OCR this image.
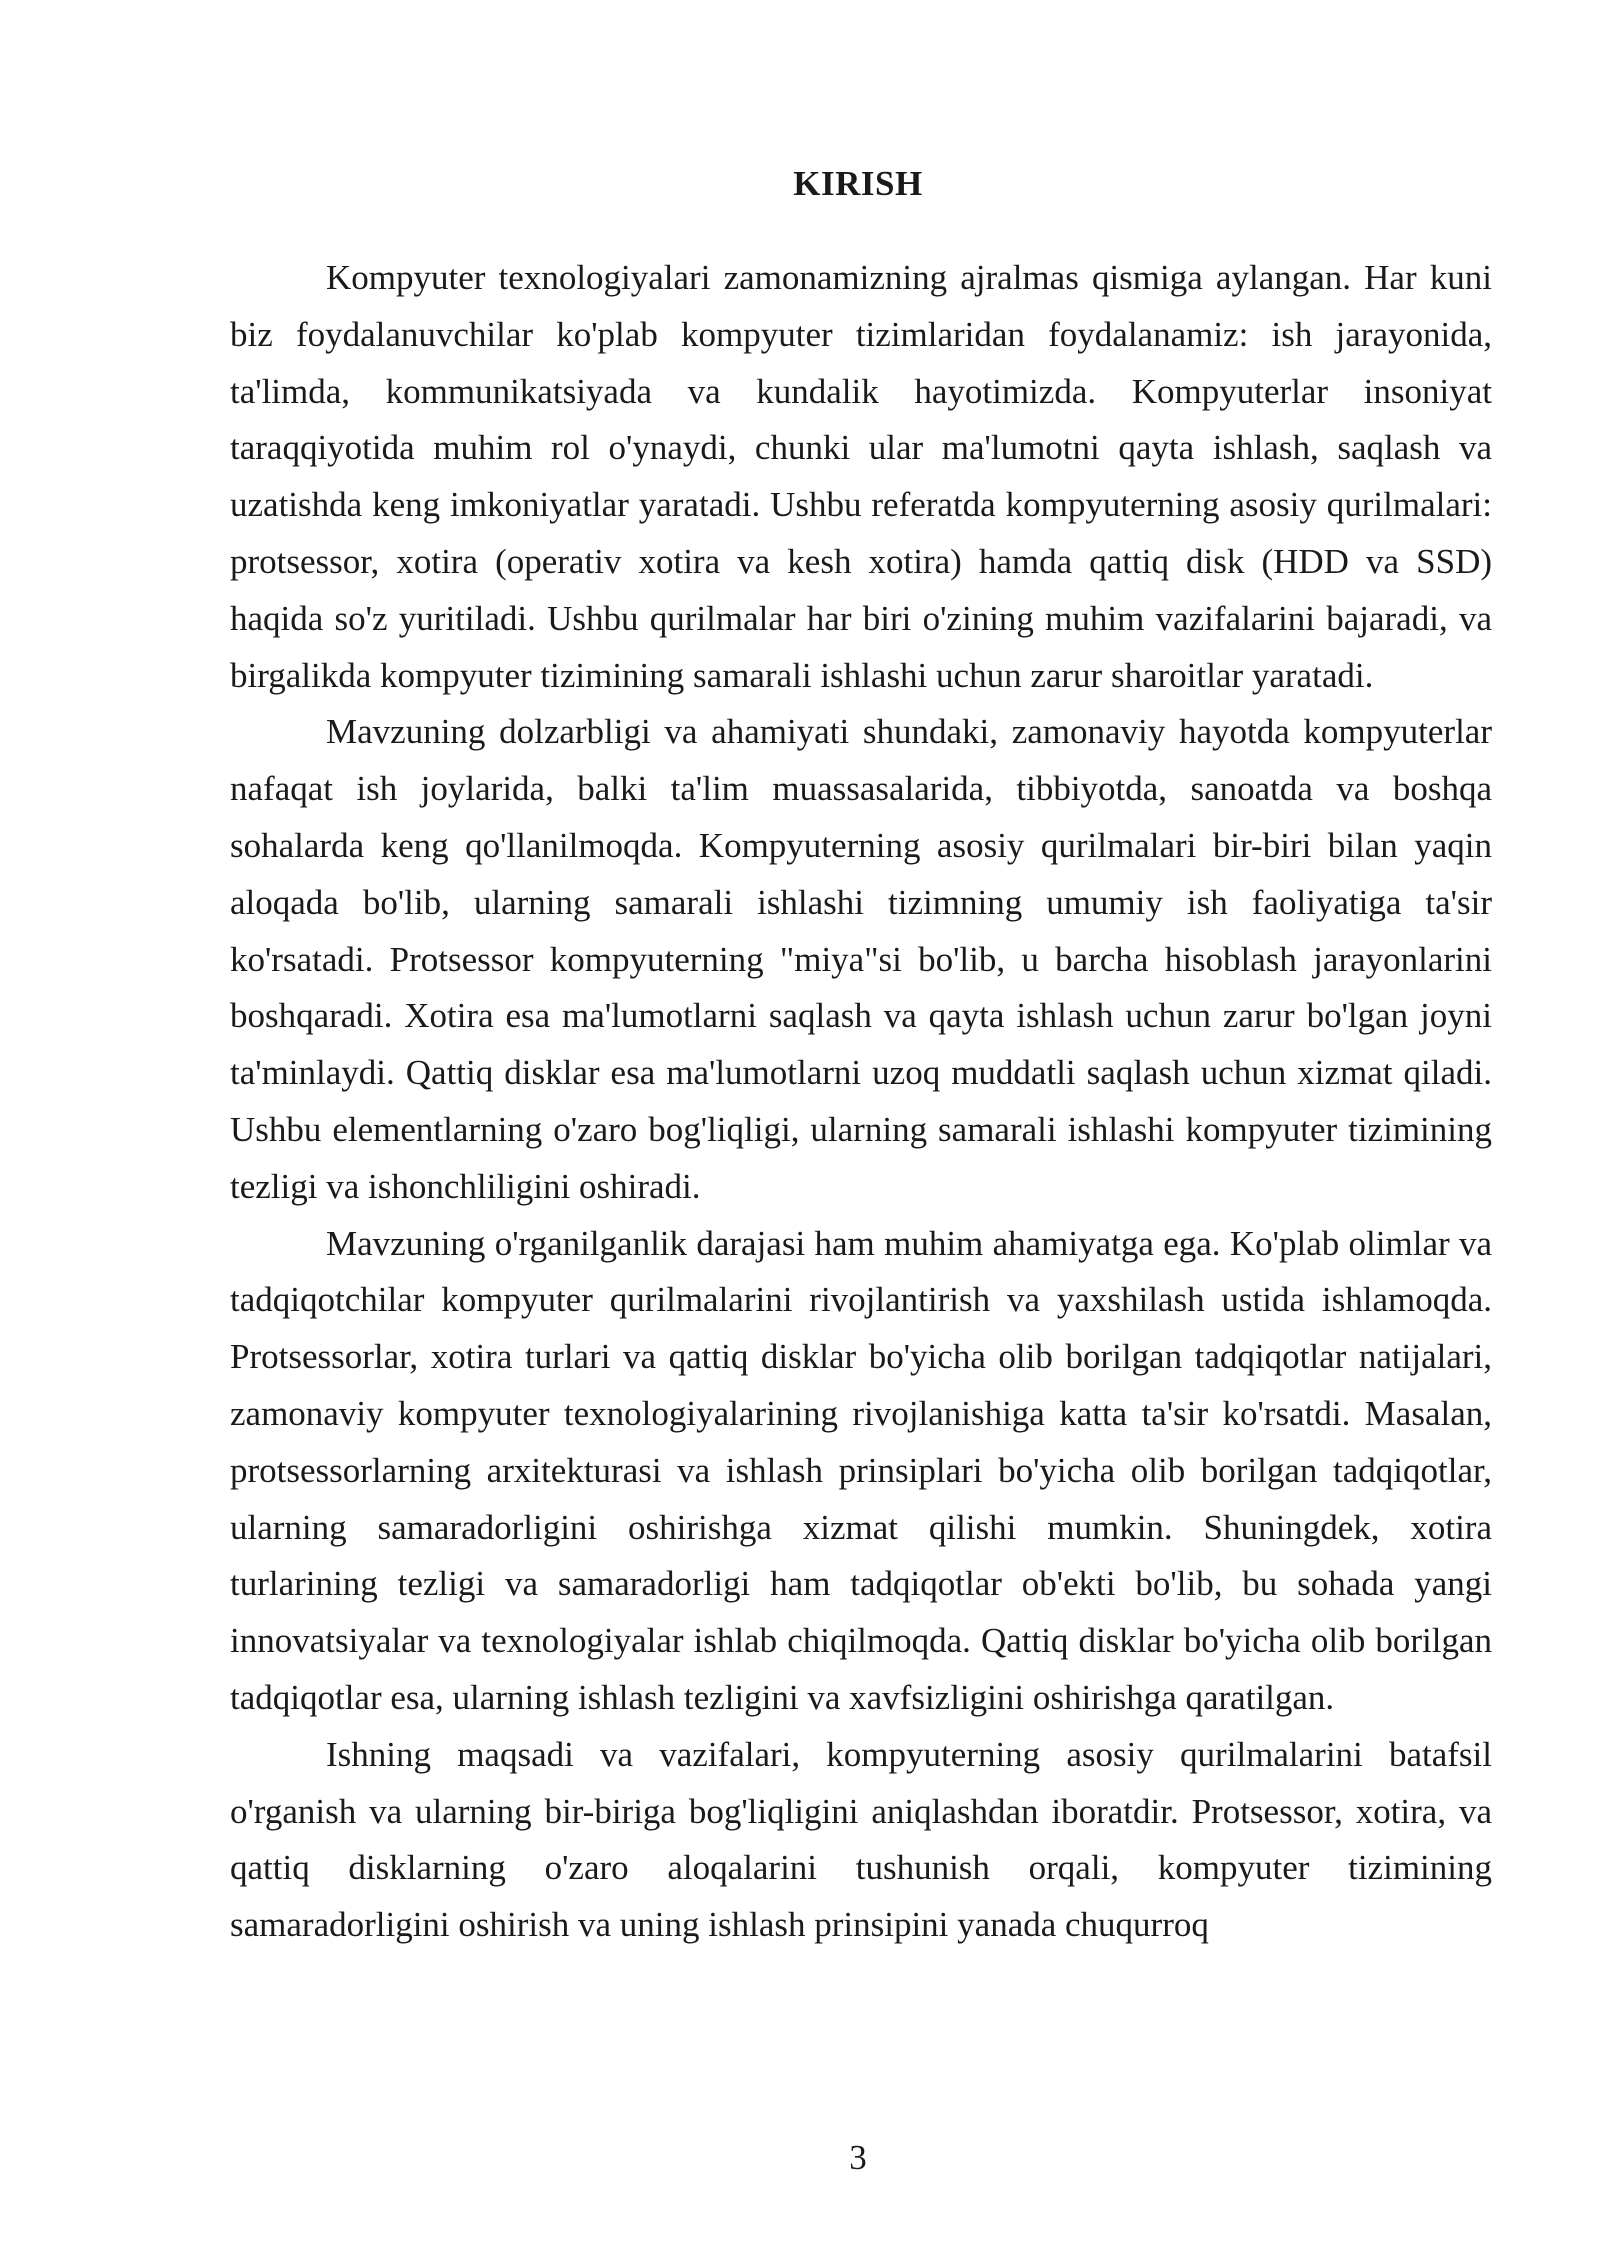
KIRISH

Kompyuter texnologiyalari zamonamizning ajralmas qismiga aylangan. Har kuni biz foydalanuvchilar ko'plab kompyuter tizimlaridan foydalanamiz: ish jarayonida, ta'limda, kommunikatsiyada va kundalik hayotimizda. Kompyuterlar insoniyat taraqqiyotida muhim rol o'ynaydi, chunki ular ma'lumotni qayta ishlash, saqlash va uzatishda keng imkoniyatlar yaratadi. Ushbu referatda kompyuterning asosiy qurilmalari: protsessor, xotira (operativ xotira va kesh xotira) hamda qattiq disk (HDD va SSD) haqida so'z yuritiladi. Ushbu qurilmalar har biri o'zining muhim vazifalarini bajaradi, va birgalikda kompyuter tizimining samarali ishlashi uchun zarur sharoitlar yaratadi.

Mavzuning dolzarbligi va ahamiyati shundaki, zamonaviy hayotda kompyuterlar nafaqat ish joylarida, balki ta'lim muassasalarida, tibbiyotda, sanoatda va boshqa sohalarda keng qo'llanilmoqda. Kompyuterning asosiy qurilmalari bir-biri bilan yaqin aloqada bo'lib, ularning samarali ishlashi tizimning umumiy ish faoliyatiga ta'sir ko'rsatadi. Protsessor kompyuterning "miya"si bo'lib, u barcha hisoblash jarayonlarini boshqaradi. Xotira esa ma'lumotlarni saqlash va qayta ishlash uchun zarur bo'lgan joyni ta'minlaydi. Qattiq disklar esa ma'lumotlarni uzoq muddatli saqlash uchun xizmat qiladi. Ushbu elementlarning o'zaro bog'liqligi, ularning samarali ishlashi kompyuter tizimining tezligi va ishonchliligini oshiradi.

Mavzuning o'rganilganlik darajasi ham muhim ahamiyatga ega. Ko'plab olimlar va tadqiqotchilar kompyuter qurilmalarini rivojlantirish va yaxshilash ustida ishlamoqda. Protsessorlar, xotira turlari va qattiq disklar bo'yicha olib borilgan tadqiqotlar natijalari, zamonaviy kompyuter texnologiyalarining rivojlanishiga katta ta'sir ko'rsatdi. Masalan, protsessorlarning arxitekturasi va ishlash prinsiplari bo'yicha olib borilgan tadqiqotlar, ularning samaradorligini oshirishga xizmat qilishi mumkin. Shuningdek, xotira turlarining tezligi va samaradorligi ham tadqiqotlar ob'ekti bo'lib, bu sohada yangi innovatsiyalar va texnologiyalar ishlab chiqilmoqda. Qattiq disklar bo'yicha olib borilgan tadqiqotlar esa, ularning ishlash tezligini va xavfsizligini oshirishga qaratilgan.

Ishning maqsadi va vazifalari, kompyuterning asosiy qurilmalarini batafsil o'rganish va ularning bir-biriga bog'liqligini aniqlashdan iboratdir. Protsessor, xotira, va qattiq disklarning o'zaro aloqalarini tushunish orqali, kompyuter tizimining samaradorligini oshirish va uning ishlash prinsipini yanada chuqurroq

3
